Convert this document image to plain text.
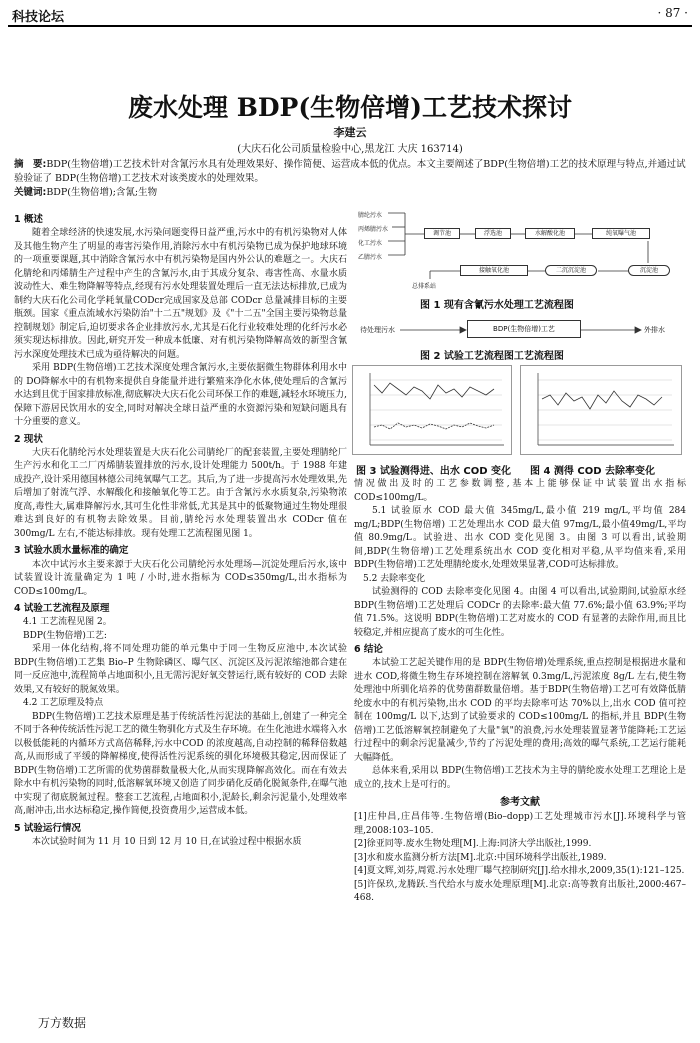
科技论坛	· 87 ·
废水处理 BDP(生物倍增)工艺技术探讨
李建云
(大庆石化公司质量检验中心,黑龙江 大庆 163714)
摘　要:BDP(生物倍增)工艺技术针对含氰污水具有处理效果好、操作简便、运营成本低的优点。本文主要阐述了BDP(生物倍增)工艺的技术原理与特点,并通过试验验证了 BDP(生物倍增)工艺技术对该类废水的处理效果。
关键词:BDP(生物倍增);含氰;生物

1 概述

随着全球经济的快速发展,水污染问题变得日益严重,污水中的有机污染物对人体及其他生物产生了明显的毒害污染作用,消除污水中有机污染物已成为保护地球环境的一项重要课题,其中消除含氰污水中有机污染物是国内外公认的难题之一。大庆石化腈纶和丙烯腈生产过程中产生的含氰污水,由于其成分复杂、毒害性高、水量水质波动性大、难生物降解等特点,经现有污水处理装置处理后一直无法达标排放,已成为制约大庆石化公司化学耗氧量CODcr完成国家及总部 CODcr 总量减排目标的主要瓶颈。国家《重点流域水污染防治"十二五"规划》及《"十二五"全国主要污染物总量控制规划》制定后,迫切要求各企业排放污水,尤其是石化行业较难处理的化纤污水必须实现达标排放。因此,研究开发一种成本低廉、对有机污染物降解高效的新型含氰污水深度处理技术已成为亟待解决的问题。

采用 BDP(生物倍增)工艺技术深度处理含氰污水,主要依据微生物群体利用水中的 DO降解水中的有机物来提供自身能量并进行繁殖来净化水体,使处理后的含氰污水达到且优于国家排放标准,彻底解决大庆石化公司环保工作的难题,减轻水环境压力,保障下游居民饮用水的安全,同时对解决全球日益严重的水资源污染和短缺问题具有十分重要的意义。

2 现状

大庆石化腈纶污水处理装置是大庆石化公司腈纶厂的配套装置,主要处理腈纶厂生产污水和化工二厂丙烯腈装置排放的污水,设计处理能力 500t/h。于 1988 年建成投产,设计采用德国林德公司纯氧曝气工艺。其后,为了进一步提高污水处理效果,先后增加了射流气浮、水解酸化和接触氧化等工艺。由于含氰污水水质复杂,污染物浓度高,毒性大,属难降解污水,其可生化性非常低,尤其是其中的低聚物通过生物处理很难达到良好的有机物去除效果。目前,腈纶污水处理装置出水 CODcr 值在 300mg/L 左右,不能达标排放。现有处理工艺流程图见图 1。

3 试验水质水量标准的确定

本次中试污水主要来源于大庆石化公司腈纶污水处理场—沉淀处理后污水,该中试装置设计流量确定为 1 吨 / 小时,进水指标为 COD≤350mg/L,出水指标为 COD≤100mg/L。

4 试验工艺流程及原理

4.1 工艺流程见图 2。

BDP(生物倍增)工艺:

采用一体化结构,将不同处理功能的单元集中于同一生物反应池中,本次试验 BDP(生物倍增)工艺集 Bio–P 生物除磷区、曝气区、沉淀区及污泥浓缩池都合建在同一反应池中,流程简单占地面积小,且无需污泥好氧交替运行,既有较好的 COD 去除效果,又有较好的脱氮效果。

4.2 工艺原理及特点

BDP(生物倍增)工艺技术原理是基于传统活性污泥法的基础上,创建了一种完全不同于各种传统活性污泥工艺的微生物驯化方式及生存环境。在生化池进水端将入水以极低能耗的内循环方式高倍稀释,污水中COD 的浓度越高,自动控制的稀释倍数越高,从而形成了平缓的降解梯度,使得活性污泥系统的驯化环境极其稳定,因而保证了 BDP(生物倍增)工艺所需的优势菌群数量极大化,从而实现降解高效化。而在有效去除水中有机污染物的同时,低溶解氧环境又创造了同步硝化反硝化脱氮条件,在曝气池中实现了彻底脱氮过程。整套工艺流程,占地面积小,泥龄长,剩余污泥量小,处理效率高,耐冲击,出水达标稳定,操作简便,投资费用少,运营成本低。

5 试验运行情况

本次试验时间为 11 月 10 日到 12 月 10 日,在试验过程中根据水质

腈纶污水
丙烯腈污水
化工污水
乙腈污水
调节池	浮选池	水解酸化池	纯氧曝气池
沉淀池
二沉沉淀池
接触氧化池
总排系站
图 1 现有含氰污水处理工艺流程图
待处理污水	BDP(生物倍增)工艺	外排水
图 2 试验工艺流程图工艺流程图
图 3 试验测得进、出水 COD 变化 图 4 测得 COD 去除率变化

情况做出及时的工艺参数调整,基本上能够保证中试装置出水指标COD≤100mg/L。

5.1 试验原水 COD 最大值 345mg/L,最小值 219 mg/L,平均值 284 mg/L;BDP(生物倍增) 工艺处理出水 COD 最大值 97mg/L,最小值49mg/L,平均值 80.9mg/L。试验进、出水 COD 变化见图 3。由图 3 可以看出,试验期间,BDP(生物倍增)工艺处理系统出水 COD 变化相对平稳,从平均值来看,采用 BDP(生物倍增)工艺处理腈纶废水,处理效果显著,COD可达标排放。

5.2 去除率变化

试验测得的 COD 去除率变化见图 4。由图 4 可以看出,试验期间,试验原水经 BDP(生物倍增)工艺处理后 CODCr 的去除率:最大值 77.6%;最小值 63.9%;平均值 71.5%。这说明 BDP(生物倍增)工艺对废水的 COD 有显著的去除作用,而且比较稳定,并相应提高了废水的可生化性。

6 结论

本试验工艺起关键作用的是 BDP(生物倍增)处理系统,重点控制是根据进水量和进水 COD,将微生物生存环境控制在溶解氧 0.3mg/L,污泥浓度 8g/L 左右,使生物处理池中所驯化培养的优势菌群数量倍增。基于BDP(生物倍增)工艺可有效降低腈纶废水中的有机污染物,出水 COD 的平均去除率可达 70%以上,出水 COD 值可控制在 100mg/L 以下,达到了试验要求的 COD≤100mg/L 的指标,并且 BDP(生物倍增)工艺低溶解氧控制避免了大量"氧"的浪费,污水处理装置显著节能降耗;工艺运行过程中的剩余污泥量减少,节约了污泥处理的费用;高效的曝气系统,工艺运行能耗大幅降低。

总体来看,采用以 BDP(生物倍增)工艺技术为主导的腈纶废水处理工艺理论上是成立的,技术上是可行的。

参考文献

[1]庄仲昌,庄昌伟等.生物倍增(Bio–dopp)工艺处理城市污水[J].环境科学与管理,2008:103–105.

[2]徐亚同等.废水生物处理[M].上海:同济大学出版社,1999.

[3]水和废水监测分析方法[M].北京:中国环境科学出版社,1989.

[4]夏文辉,刘芬,周霓.污水处理厂曝气控制研究[J].给水排水,2009,35(1):121–125.

[5]许保玖,龙腾跃.当代给水与废水处理原理[M].北京:高等教育出版社,2000:467–468.

万方数据
